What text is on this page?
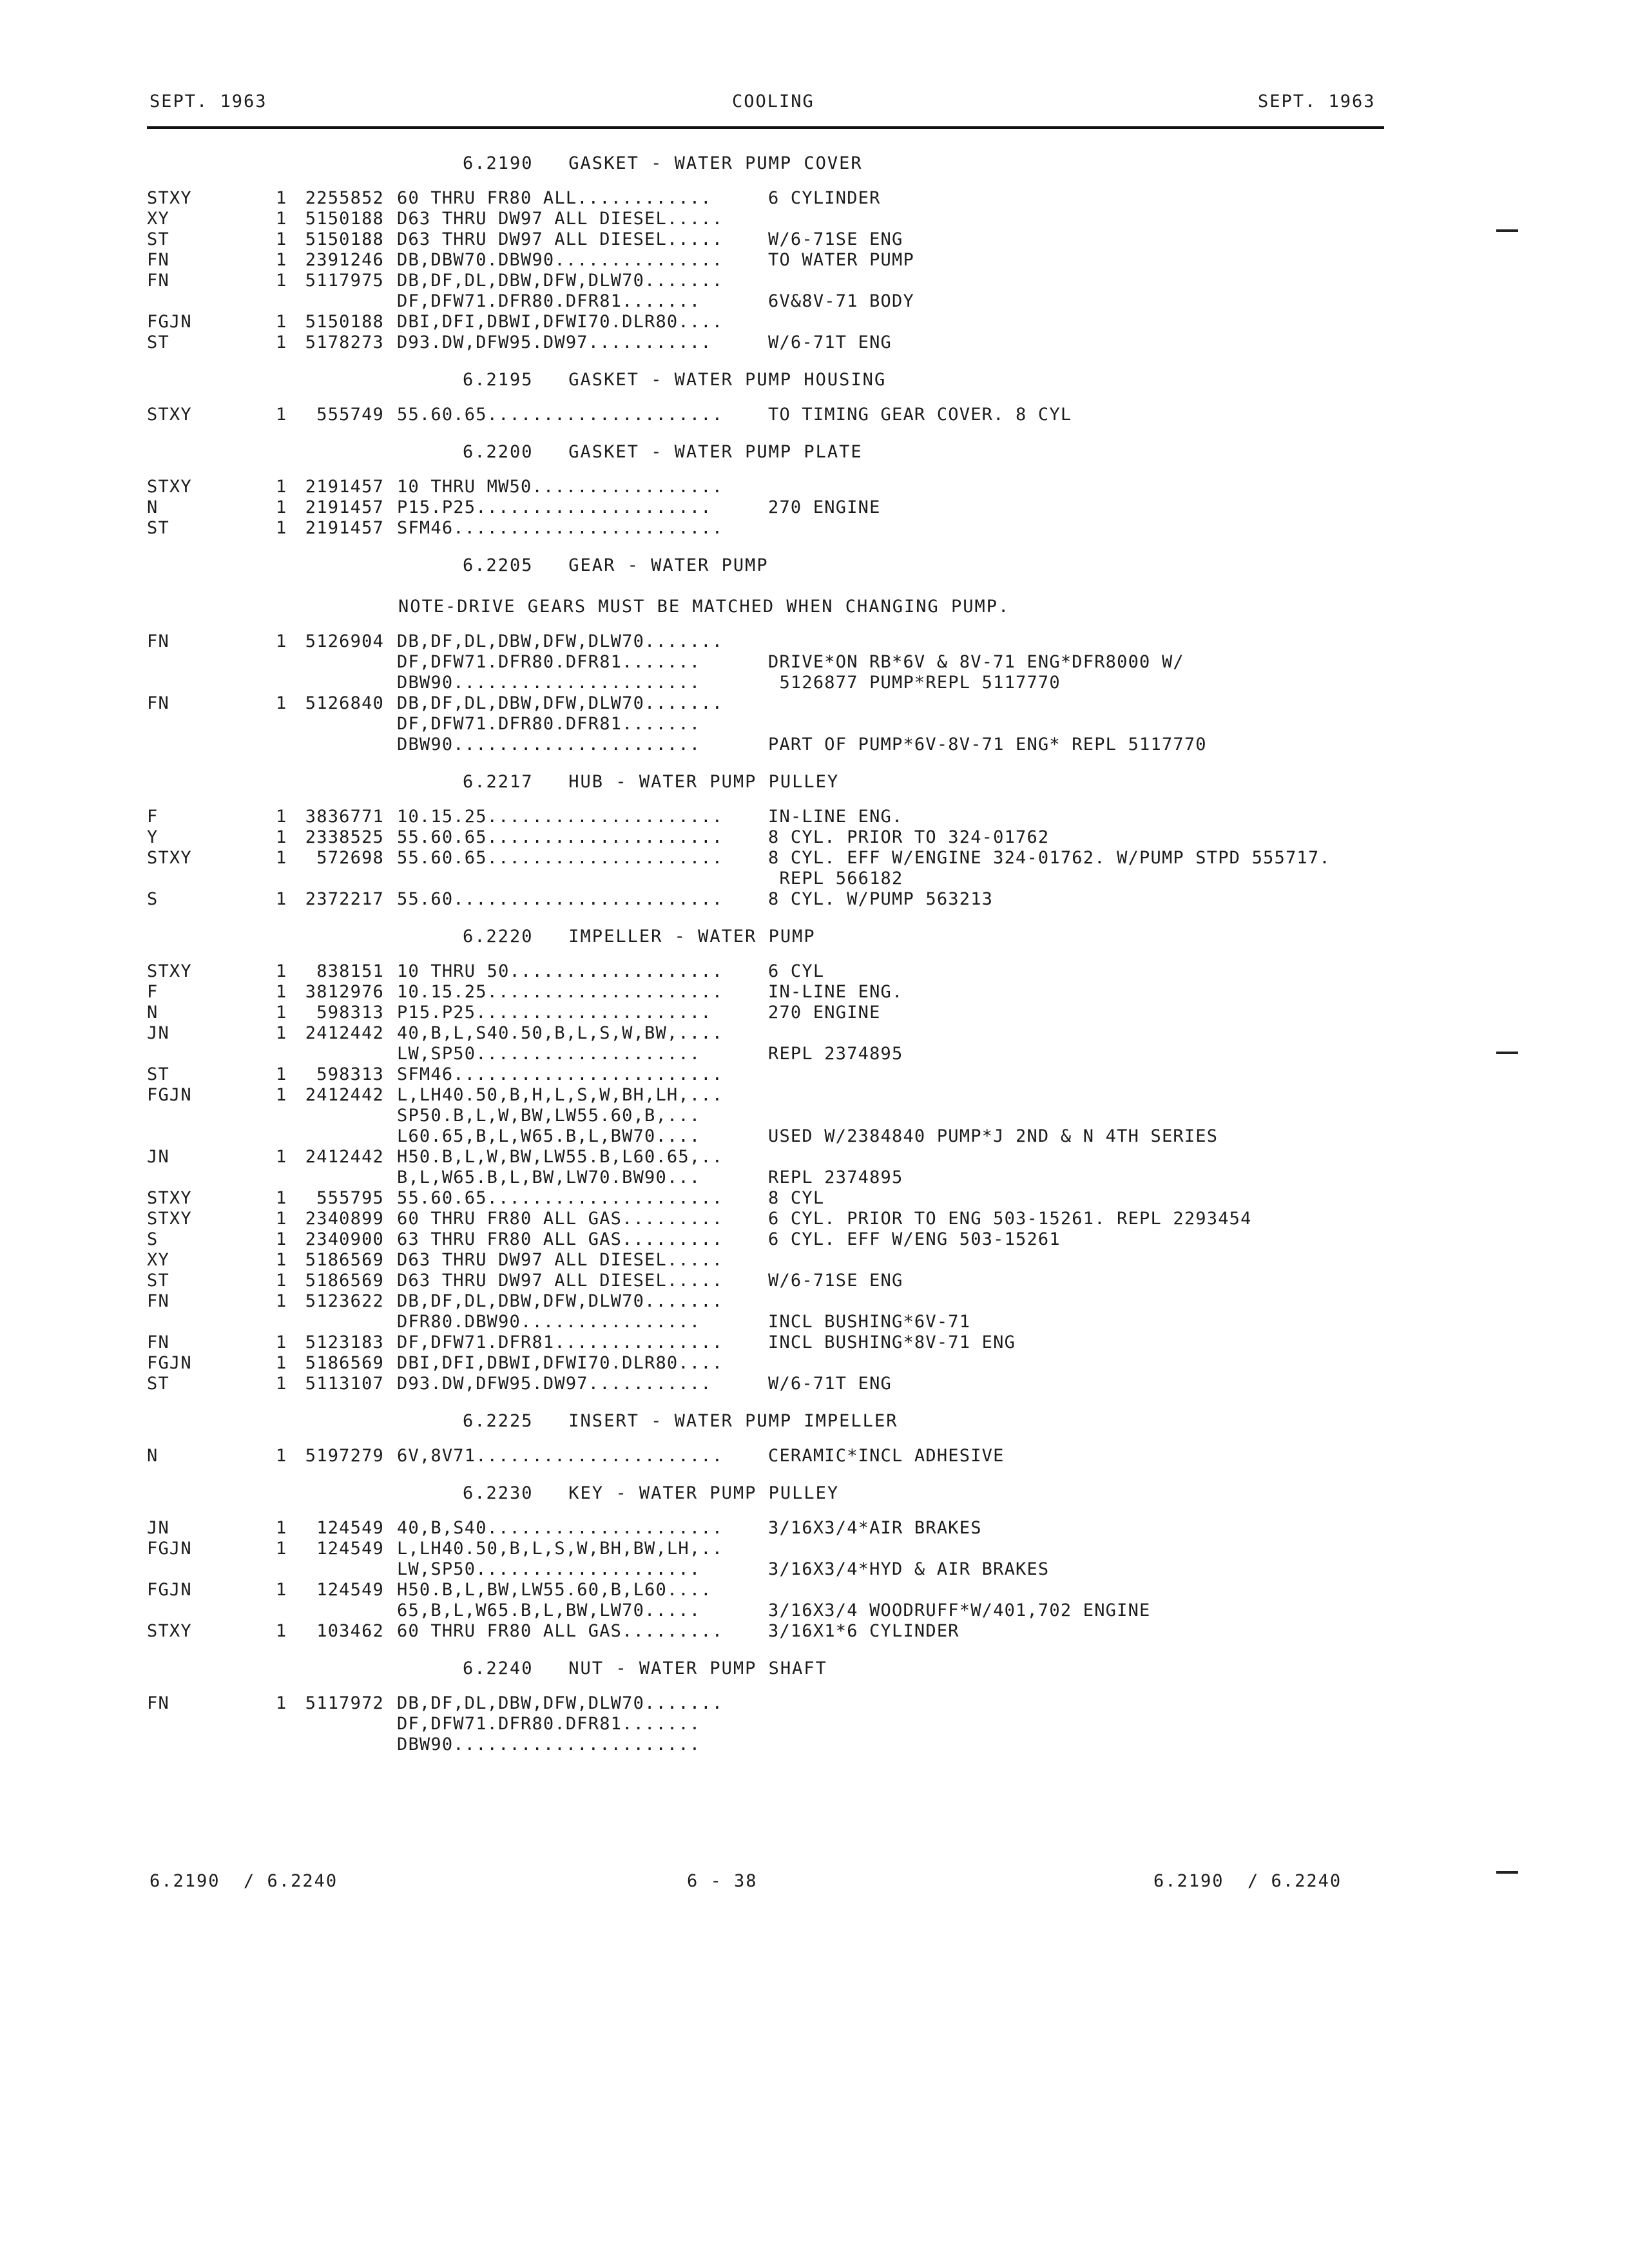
SEPT. 1963	COOLING	SEPT. 1963
6.2190   GASKET - WATER PUMP COVER
STXY	1	2255852 60 THRU FR80 ALL............	6 CYLINDER
XY	1	5150188 D63 THRU DW97 ALL DIESEL.....
ST	1	5150188 D63 THRU DW97 ALL DIESEL.....	W/6-71SE ENG
FN	1	2391246 DB,DBW70.DBW90...............	TO WATER PUMP
FN	1	5117975 DB,DF,DL,DBW,DFW,DLW70.......
DF,DFW71.DFR80.DFR81.......	6V&8V-71 BODY
FGJN	1	5150188 DBI,DFI,DBWI,DFWI70.DLR80....
ST	1	5178273 D93.DW,DFW95.DW97...........	W/6-71T ENG
6.2195   GASKET - WATER PUMP HOUSING
STXY	1	555749 55.60.65.....................	TO TIMING GEAR COVER. 8 CYL
6.2200   GASKET - WATER PUMP PLATE
STXY	1	2191457 10 THRU MW50.................
N	1	2191457 P15.P25.....................	270 ENGINE
ST	1	2191457 SFM46........................
6.2205   GEAR - WATER PUMP
NOTE-DRIVE GEARS MUST BE MATCHED WHEN CHANGING PUMP.
FN	1	5126904 DB,DF,DL,DBW,DFW,DLW70.......
DF,DFW71.DFR80.DFR81.......	DRIVE*ON RB*6V & 8V-71 ENG*DFR8000 W/
DBW90......................	5126877 PUMP*REPL 5117770
FN	1	5126840 DB,DF,DL,DBW,DFW,DLW70.......
DF,DFW71.DFR80.DFR81.......
DBW90......................	PART OF PUMP*6V-8V-71 ENG* REPL 5117770
6.2217   HUB - WATER PUMP PULLEY
F	1	3836771 10.15.25.....................	IN-LINE ENG.
Y	1	2338525 55.60.65.....................	8 CYL. PRIOR TO 324-01762
STXY	1	572698 55.60.65.....................	8 CYL. EFF W/ENGINE 324-01762. W/PUMP STPD 555717.
REPL 566182
S	1	2372217 55.60........................	8 CYL. W/PUMP 563213
6.2220   IMPELLER - WATER PUMP
STXY	1	838151 10 THRU 50...................	6 CYL
F	1	3812976 10.15.25.....................	IN-LINE ENG.
N	1	598313 P15.P25.....................	270 ENGINE
JN	1	2412442 40,B,L,S40.50,B,L,S,W,BW,....
LW,SP50....................	REPL 2374895
ST	1	598313 SFM46........................
FGJN	1	2412442 L,LH40.50,B,H,L,S,W,BH,LH,...
SP50.B,L,W,BW,LW55.60,B,...
L60.65,B,L,W65.B,L,BW70....	USED W/2384840 PUMP*J 2ND & N 4TH SERIES
JN	1	2412442 H50.B,L,W,BW,LW55.B,L60.65,..
B,L,W65.B,L,BW,LW70.BW90...	REPL 2374895
STXY	1	555795 55.60.65.....................	8 CYL
STXY	1	2340899 60 THRU FR80 ALL GAS.........	6 CYL. PRIOR TO ENG 503-15261. REPL 2293454
S	1	2340900 63 THRU FR80 ALL GAS.........	6 CYL. EFF W/ENG 503-15261
XY	1	5186569 D63 THRU DW97 ALL DIESEL.....
ST	1	5186569 D63 THRU DW97 ALL DIESEL.....	W/6-71SE ENG
FN	1	5123622 DB,DF,DL,DBW,DFW,DLW70.......
DFR80.DBW90................	INCL BUSHING*6V-71
FN	1	5123183 DF,DFW71.DFR81...............	INCL BUSHING*8V-71 ENG
FGJN	1	5186569 DBI,DFI,DBWI,DFWI70.DLR80....
ST	1	5113107 D93.DW,DFW95.DW97...........	W/6-71T ENG
6.2225   INSERT - WATER PUMP IMPELLER
N	1	5197279 6V,8V71......................	CERAMIC*INCL ADHESIVE
6.2230   KEY - WATER PUMP PULLEY
JN	1	124549 40,B,S40.....................	3/16X3/4*AIR BRAKES
FGJN	1	124549 L,LH40.50,B,L,S,W,BH,BW,LH,..
LW,SP50....................	3/16X3/4*HYD & AIR BRAKES
FGJN	1	124549 H50.B,L,BW,LW55.60,B,L60....
65,B,L,W65.B,L,BW,LW70.....	3/16X3/4 WOODRUFF*W/401,702 ENGINE
STXY	1	103462 60 THRU FR80 ALL GAS.........	3/16X1*6 CYLINDER
6.2240   NUT - WATER PUMP SHAFT
FN	1	5117972 DB,DF,DL,DBW,DFW,DLW70.......
DF,DFW71.DFR80.DFR81.......
DBW90......................
6.2190  / 6.2240	6 - 38	6.2190  / 6.2240
